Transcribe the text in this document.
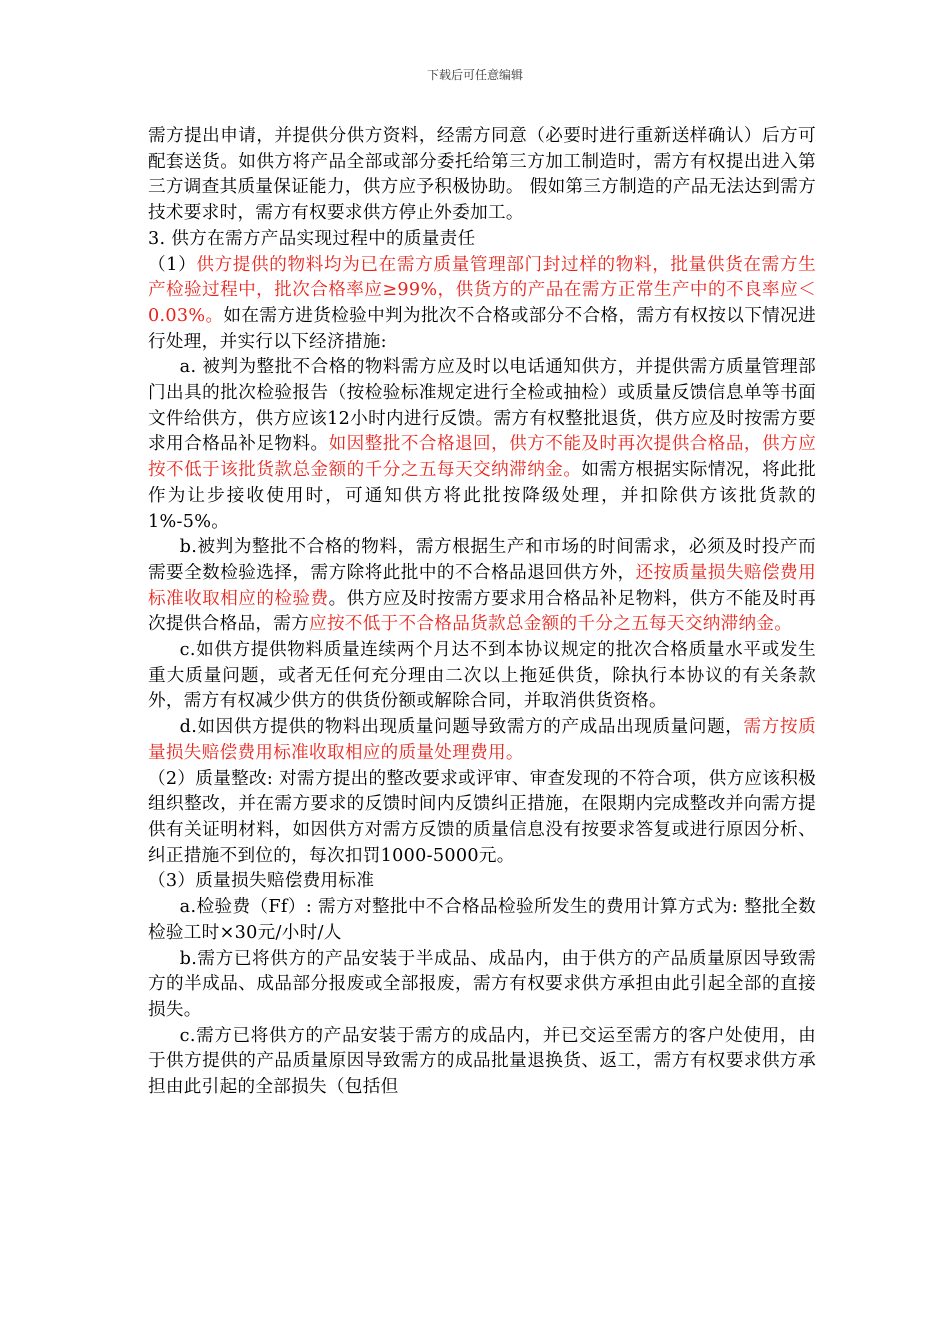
下载后可任意编辑
需方提出申请，并提供分供方资料，经需方同意（必要时进行重新送样确认）后方可配套送货。如供方将产品全部或部分委托给第三方加工制造时，需方有权提出进入第三方调查其质量保证能力，供方应予积极协助。 假如第三方制造的产品无法达到需方技术要求时，需方有权要求供方停止外委加工。
3. 供方在需方产品实现过程中的质量责任
（1）供方提供的物料均为已在需方质量管理部门封过样的物料，批量供货在需方生产检验过程中，批次合格率应≥99%，供货方的产品在需方正常生产中的不良率应＜0.03%。如在需方进货检验中判为批次不合格或部分不合格，需方有权按以下情况进行处理，并实行以下经济措施:
a. 被判为整批不合格的物料需方应及时以电话通知供方，并提供需方质量管理部门出具的批次检验报告（按检验标准规定进行全检或抽检）或质量反馈信息单等书面文件给供方，供方应该12小时内进行反馈。需方有权整批退货，供方应及时按需方要求用合格品补足物料。如因整批不合格退回，供方不能及时再次提供合格品，供方应按不低于该批货款总金额的千分之五每天交纳滞纳金。如需方根据实际情况，将此批作为让步接收使用时，可通知供方将此批按降级处理，并扣除供方该批货款的1%-5%。
b.被判为整批不合格的物料，需方根据生产和市场的时间需求，必须及时投产而需要全数检验选择，需方除将此批中的不合格品退回供方外，还按质量损失赔偿费用标准收取相应的检验费。供方应及时按需方要求用合格品补足物料，供方不能及时再次提供合格品，需方应按不低于不合格品货款总金额的千分之五每天交纳滞纳金。
c.如供方提供物料质量连续两个月达不到本协议规定的批次合格质量水平或发生重大质量问题，或者无任何充分理由二次以上拖延供货，除执行本协议的有关条款外，需方有权减少供方的供货份额或解除合同，并取消供货资格。
d.如因供方提供的物料出现质量问题导致需方的产成品出现质量问题，需方按质量损失赔偿费用标准收取相应的质量处理费用。
（2）质量整改: 对需方提出的整改要求或评审、审查发现的不符合项，供方应该积极组织整改，并在需方要求的反馈时间内反馈纠正措施，在限期内完成整改并向需方提供有关证明材料，如因供方对需方反馈的质量信息没有按要求答复或进行原因分析、纠正措施不到位的，每次扣罚1000-5000元。
（3）质量损失赔偿费用标准
a.检验费（Ff）: 需方对整批中不合格品检验所发生的费用计算方式为: 整批全数检验工时×30元/小时/人
b.需方已将供方的产品安装于半成品、成品内，由于供方的产品质量原因导致需方的半成品、成品部分报废或全部报废，需方有权要求供方承担由此引起全部的直接损失。
c.需方已将供方的产品安装于需方的成品内，并已交运至需方的客户处使用，由于供方提供的产品质量原因导致需方的成品批量退换货、返工，需方有权要求供方承担由此引起的全部损失（包括但
